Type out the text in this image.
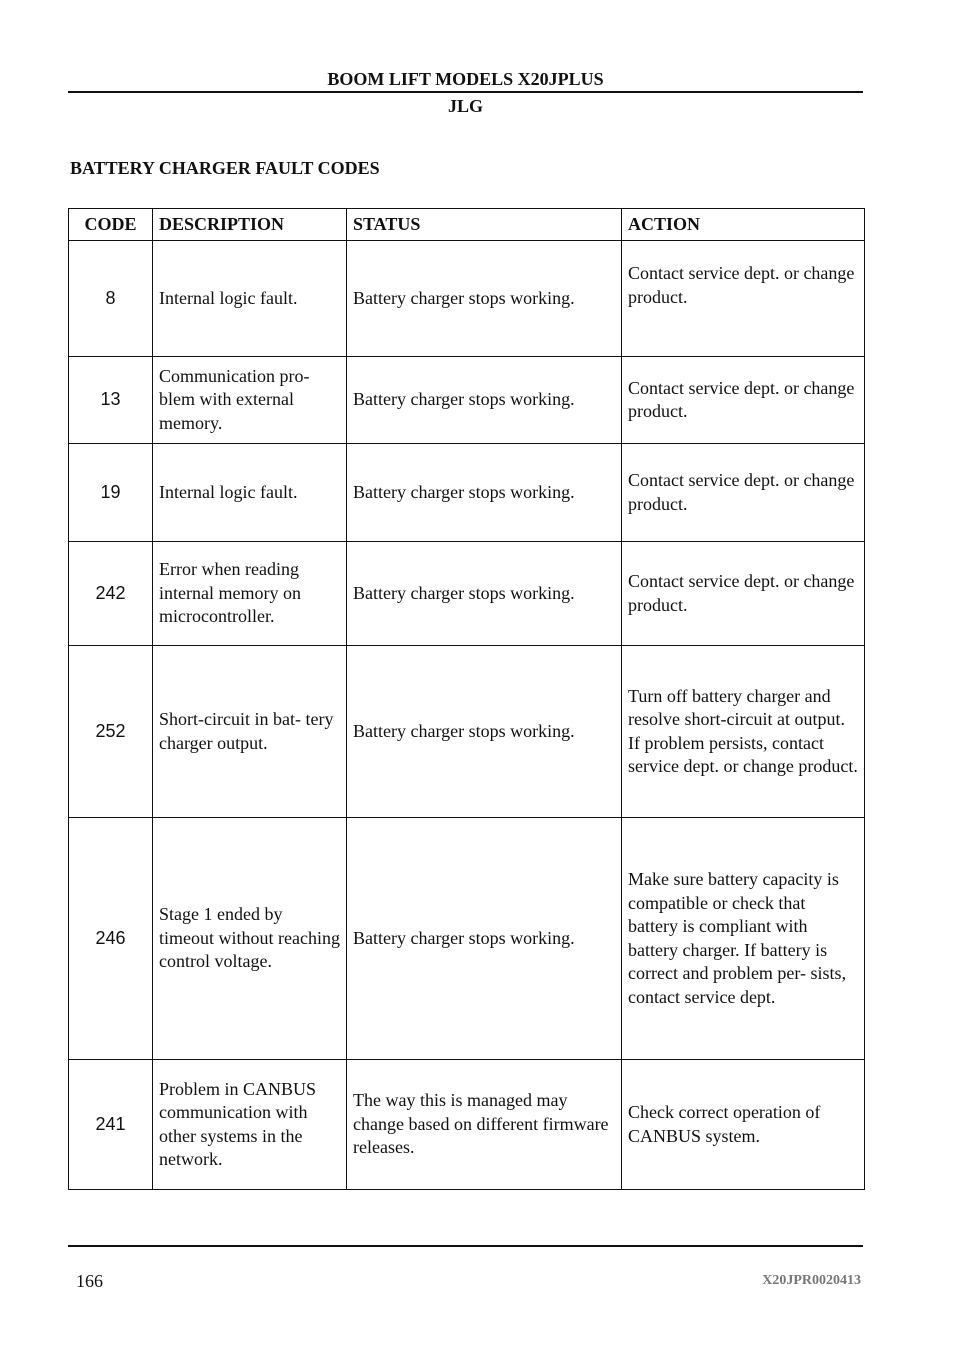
BOOM LIFT MODELS X20JPLUS
JLG
BATTERY CHARGER FAULT CODES
CODE	DESCRIPTION	STATUS	ACTION
8	Internal logic fault.	Battery charger stops working.	Contact service dept. or change product.
13	Communication pro- blem with external memory.	Battery charger stops working.	Contact service dept. or change product.
19	Internal logic fault.	Battery charger stops working.	Contact service dept. or change product.
242	Error when reading internal memory on microcontroller.	Battery charger stops working.	Contact service dept. or change product.
252	Short-circuit in bat- tery charger output.	Battery charger stops working.	Turn off battery charger and resolve short-circuit at output. If problem persists, contact service dept. or change product.
246	Stage 1 ended by timeout without reaching control voltage.	Battery charger stops working.	Make sure battery capacity is compatible or check that battery is compliant with battery charger. If battery is correct and problem per- sists, contact service dept.
241	Problem in CANBUS communication with other systems in the network.	The way this is managed may change based on different firmware releases.	Check correct operation of CANBUS system.
166	X20JPR0020413
